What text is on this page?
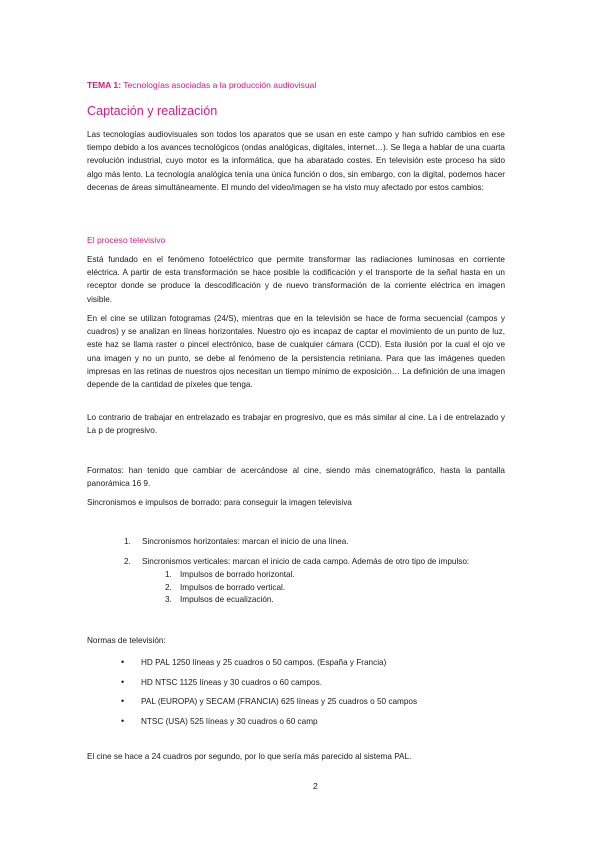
TEMA 1: Tecnologías asociadas a la producción audiovisual
Captación y realización
Las tecnologías audiovisuales son todos los aparatos que se usan en este campo y han sufrido cambios en ese tiempo debido a los avances tecnológicos (ondas analógicas, digitales, internet…). Se llega a hablar de una cuarta revolución industrial, cuyo motor es la informática, que ha abaratado costes. En televisión este proceso ha sido algo más lento. La tecnología analógica tenía una única función o dos, sin embargo, con la digital, podemos hacer decenas de áreas simultáneamente. El mundo del video/imagen se ha visto muy afectado por estos cambios:
El proceso televisivo
Está fundado en el fenómeno fotoeléctrico que permite transformar las radiaciones luminosas en corriente eléctrica. A partir de esta transformación se hace posible la codificación y el transporte de la señal hasta en un receptor donde se produce la descodificación y de nuevo transformación de la corriente eléctrica en imagen visible.
En el cine se utilizan fotogramas (24/S), mientras que en la televisión se hace de forma secuencial (campos y cuadros) y se analizan en líneas horizontales. Nuestro ojo es incapaz de captar el movimiento de un punto de luz, este haz se llama raster o pincel electrónico, base de cualquier cámara (CCD). Esta ilusión por la cual el ojo ve una imagen y no un punto, se debe al fenómeno de la persistencia retiniana. Para que las imágenes queden impresas en las retinas de nuestros ojos necesitan un tiempo mínimo de exposición… La definición de una imagen depende de la cantidad de píxeles que tenga.
Lo contrario de trabajar en entrelazado es trabajar en progresivo, que es más similar al cine. La i de entrelazado y La p de progresivo.
Formatos: han tenido que cambiar de acercándose al cine, siendo más cinematográfico, hasta la pantalla panorámica 16 9.
Sincronismos e impulsos de borrado: para conseguir la imagen televisiva
1. Sincronismos horizontales: marcan el inicio de una línea.
2. Sincronismos verticales: marcan el inicio de cada campo. Además de otro tipo de impulso:
1. Impulsos de borrado horizontal.
2. Impulsos de borrado vertical.
3. Impulsos de ecualización.
Normas de televisión:
• HD PAL 1250 líneas y 25 cuadros o 50 campos. (España y Francia)
• HD NTSC 1125 líneas y 30 cuadros o 60 campos.
• PAL (EUROPA) y SECAM (FRANCIA) 625 líneas y 25 cuadros o 50 campos
• NTSC (USA) 525 líneas y 30 cuadros o 60 camp
El cine se hace a 24 cuadros por segundo, por lo que sería más parecido al sistema PAL.
2
